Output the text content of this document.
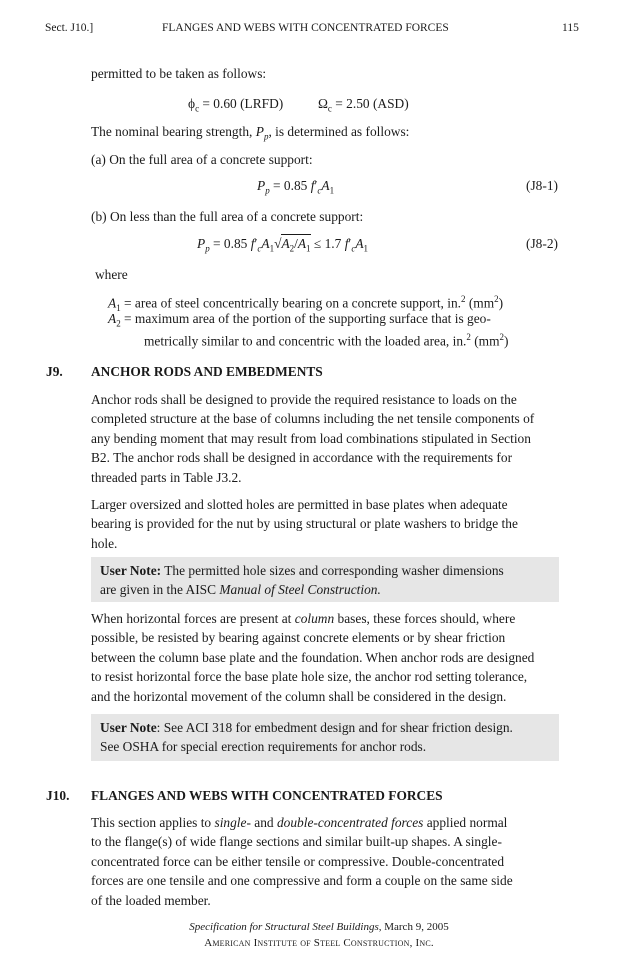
Sect. J10.]	FLANGES AND WEBS WITH CONCENTRATED FORCES	115
permitted to be taken as follows:
$\phi_c = 0.60$ (LRFD)	$\Omega_c = 2.50$ (ASD)
The nominal bearing strength, $P_p$, is determined as follows:
(a) On the full area of a concrete support:
$P_p = 0.85$ $f'_cA_1$	(J8-1)
(b) On less than the full area of a concrete support:
$P_p = 0.85$ $f'_cA_1√A_2/A_1 \le 1.7$ $f'_cA_1$	(J8-2)
where
$A_1$ = area of steel concentrically bearing on a concrete support, in.$^2$ $(mm^2)$
$A_2$ = maximum area of the portion of the supporting surface that is geo-
metrically similar to and concentric with the loaded area, in.$^2$ $(mm^2)$
J9. ANCHOR RODS AND EMBEDMENTS
Anchor rods shall be designed to provide the required resistance to loads on the
completed structure at the base of columns including the net tensile components of
any bending moment that may result from load combinations stipulated in Section
B2. The anchor rods shall be designed in accordance with the requirements for
threaded parts in Table J3.2.
Larger oversized and slotted holes are permitted in base plates when adequate
bearing is provided for the nut by using structural or plate washers to bridge the
hole.
User Note: The permitted hole sizes and corresponding washer dimensions
are given in the AISC Manual of Steel Construction.
When horizontal forces are present at column bases, these forces should, where
possible, be resisted by bearing against concrete elements or by shear friction
between the column base plate and the foundation. When anchor rods are designed
to resist horizontal force the base plate hole size, the anchor rod setting tolerance,
and the horizontal movement of the column shall be considered in the design.
User Note: See ACI 318 for embedment design and for shear friction design.
See OSHA for special erection requirements for anchor rods.
J10. FLANGES AND WEBS WITH CONCENTRATED FORCES
This section applies to single- and double-concentrated forces applied normal
to the flange(s) of wide flange sections and similar built-up shapes. A single-
concentrated force can be either tensile or compressive. Double-concentrated
forces are one tensile and one compressive and form a couple on the same side
of the loaded member.
Specification for Structural Steel Buildings, March 9, 2005
American Institute of Steel Construction, Inc.
